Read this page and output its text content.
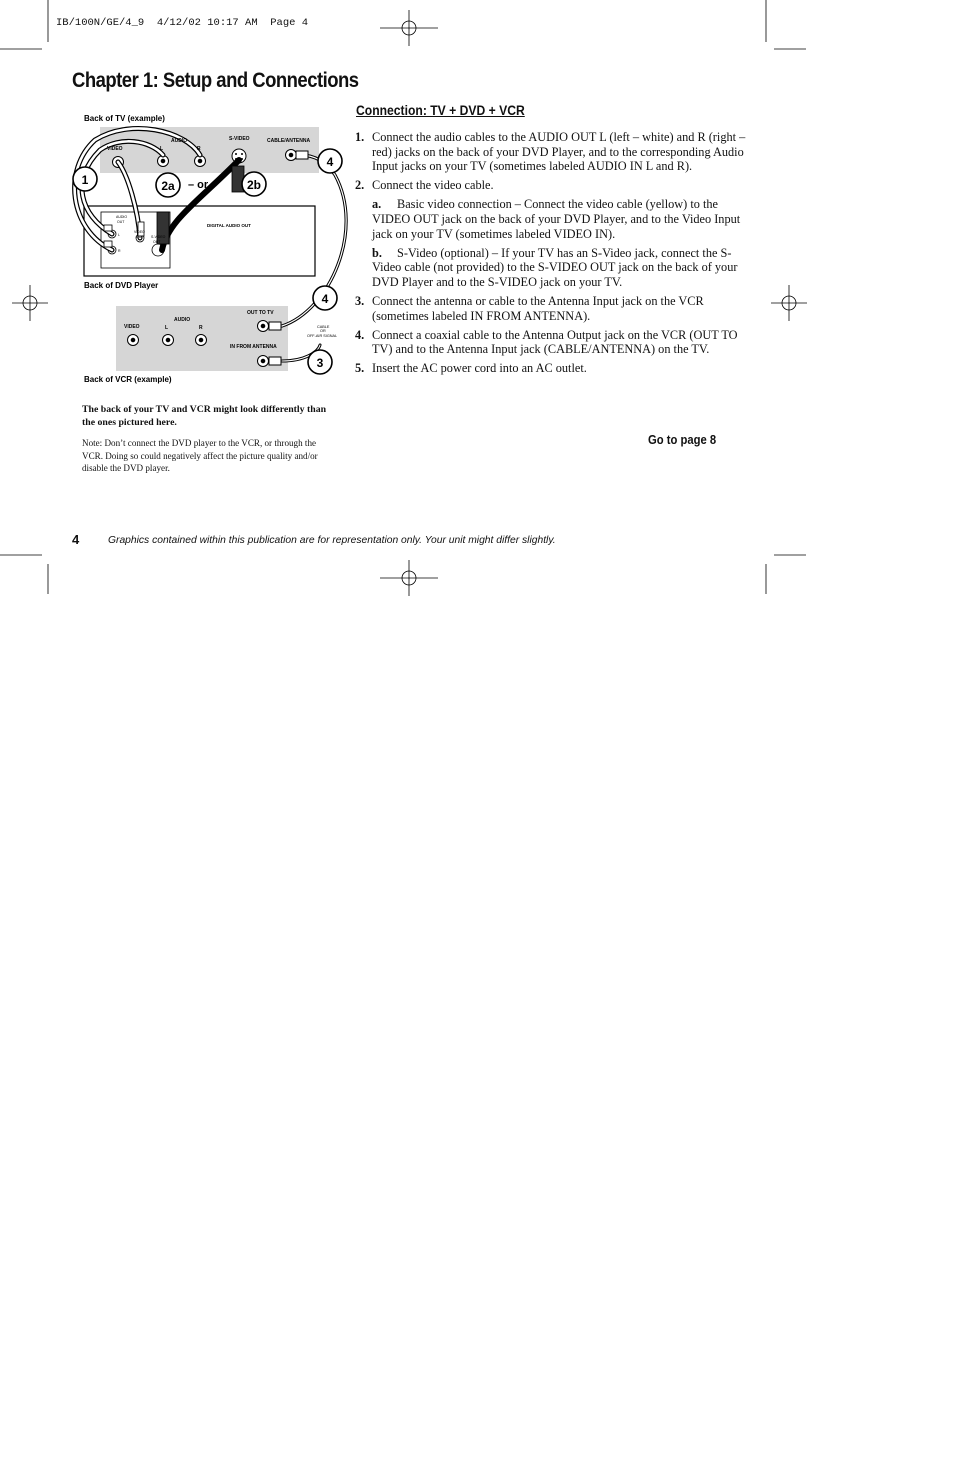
IB/100N/GE/4_9  4/12/02 10:17 AM  Page 4
Chapter 1: Setup and Connections
Back of TV (example)
Back of DVD Player
Back of VCR (example)
VIDEO
AUDIO
L	R
S-VIDEO	CABLE/ANTENNA
AUDIO
OUT
L
R
VIDEO
OUT S-VIDEO
OUT
DIGITAL AUDIO OUT
VIDEO
AUDIO
L	R
OUT TO TV
IN FROM ANTENNA
CABLE
OR
OFF-AIR SIGNAL
– or –
1	2a	2b
4
4
3
The back of your TV and VCR might look differently than the ones pictured here.
Note: Don’t connect the DVD player to the VCR, or through the VCR. Doing so could negatively affect the picture quality and/or disable the DVD player.
Connection: TV + DVD + VCR
1. Connect the audio cables to the AUDIO OUT L (left – white) and R (right – red) jacks on the back of your DVD Player, and to the corresponding Audio Input jacks on your TV (sometimes labeled AUDIO IN L and R).
2. Connect the video cable.
a. Basic video connection – Connect the video cable (yellow) to the VIDEO OUT jack on the back of your DVD Player, and to the Video Input jack on your TV (sometimes labeled VIDEO IN).
b. S-Video (optional) – If your TV has an S-Video jack, connect the S-Video cable (not provided) to the S-VIDEO OUT jack on the back of your DVD Player and to the S-VIDEO jack on your TV.
3. Connect the antenna or cable to the Antenna Input jack on the VCR (sometimes labeled IN FROM ANTENNA).
4. Connect a coaxial cable to the Antenna Output jack on the VCR (OUT TO TV) and to the Antenna Input jack (CABLE/ANTENNA) on the TV.
5. Insert the AC power cord into an AC outlet.
Go to page 8
4	Graphics contained within this publication are for representation only. Your unit might differ slightly.
